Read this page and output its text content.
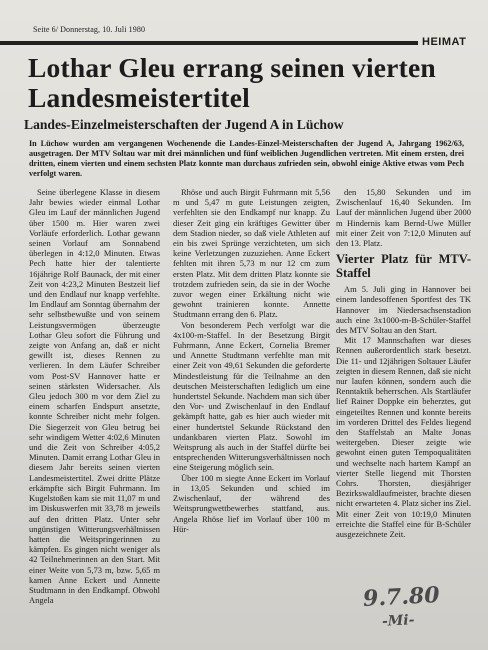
Seite 6/ Donnerstag, 10. Juli 1980
HEIMAT
Lothar Gleu errang seinen vierten Landesmeistertitel
Landes-Einzelmeisterschaften der Jugend A in Lüchow

In Lüchow wurden am vergangenen Wochenende die Landes-Einzel-Meisterschaften der Jugend A, Jahrgang 1962/63, ausgetragen. Der MTV Soltau war mit drei männlichen und fünf weiblichen Jugendlichen vertreten. Mit einem ersten, drei dritten, einem vierten und einem sechsten Platz konnte man durchaus zufrieden sein, obwohl einige Aktive etwas vom Pech verfolgt waren.

Seine überlegene Klasse in diesem Jahr bewies wieder einmal Lothar Gleu im Lauf der männlichen Jugend über 1500 m. Hier waren zwei Vorläufe erforderlich. Lothar gewann seinen Vorlauf am Sonnabend überlegen in 4:12,0 Minuten. Etwas Pech hatte hier der talentierte 16jährige Rolf Baunack, der mit einer Zeit von 4:23,2 Minuten Bestzeit lief und den Endlauf nur knapp verfehlte. Im Endlauf am Sonntag übernahm der sehr selbstbewußte und von seinem Leistungsvermögen überzeugte Lothar Gleu sofort die Führung und zeigte von Anfang an, daß er nicht gewillt ist, dieses Rennen zu verlieren. In dem Läufer Schreiber vom Post-SV Hannover hatte er seinen stärksten Widersacher. Als Gleu jedoch 300 m vor dem Ziel zu einem scharfen Endspurt ansetzte, konnte Schreiber nicht mehr folgen. Die Siegerzeit von Gleu betrug bei sehr windigem Wetter 4:02,6 Minuten und die Zeit von Schreiber 4:05,2 Minuten. Damit errang Lothar Gleu in diesem Jahr bereits seinen vierten Landesmeistertitel. Zwei dritte Plätze erkämpfte sich Birgit Fuhrmann. Im Kugelstoßen kam sie mit 11,07 m und im Diskuswerfen mit 33,78 m jeweils auf den dritten Platz. Unter sehr ungünstigen Witterungsverhältnissen hatten die Weitspringerinnen zu kämpfen. Es gingen nicht weniger als 42 Teilnehmerinnen an den Start. Mit einer Weite von 5,73 m, bzw. 5,65 m kamen Anne Eckert und Annette Studtmann in den Endkampf. Obwohl Angela

Rhöse und auch Birgit Fuhrmann mit 5,56 m und 5,47 m gute Leistungen zeigten, verfehlten sie den Endkampf nur knapp. Zu dieser Zeit ging ein kräftiges Gewitter über dem Stadion nieder, so daß viele Athleten auf ein bis zwei Sprünge verzichteten, um sich keine Verletzungen zuzuziehen. Anne Eckert fehlten mit ihren 5,73 m nur 12 cm zum ersten Platz. Mit dem dritten Platz konnte sie trotzdem zufrieden sein, da sie in der Woche zuvor wegen einer Erkältung nicht wie gewohnt trainieren konnte. Annette Studtmann errang den 6. Platz.

Von besonderem Pech verfolgt war die 4x100-m-Staffel. In der Besetzung Birgit Fuhrmann, Anne Eckert, Cornelia Bremer und Annette Studtmann verfehlte man mit einer Zeit von 49,61 Sekunden die geforderte Mindestleistung für die Teilnahme an den deutschen Meisterschaften lediglich um eine hundertstel Sekunde. Nachdem man sich über den Vor- und Zwischenlauf in den Endlauf gekämpft hatte, gab es hier auch wieder mit einer hundertstel Sekunde Rückstand den undankbaren vierten Platz. Sowohl im Weitsprung als auch in der Staffel dürfte bei entsprechenden Witterungsverhältnissen noch eine Steigerung möglich sein.

Über 100 m siegte Anne Eckert im Vorlauf in 13,05 Sekunden und schied im Zwischenlauf, der während des Weitsprungwettbewerbes stattfand, aus. Angela Rhöse lief im Vorlauf über 100 m Hür-

den 15,80 Sekunden und im Zwischenlauf 16,40 Sekunden. Im Lauf der männlichen Jugend über 2000 m Hindernis kam Bernd-Uwe Müller mit einer Zeit von 7:12,0 Minuten auf den 13. Platz.

Vierter Platz für MTV-Staffel

Am 5. Juli ging in Hannover bei einem landesoffenen Sportfest des TK Hannover im Niedersachsenstadion auch eine 3x1000-m-B-Schüler-Staffel des MTV Soltau an den Start.

Mit 17 Mannschaften war dieses Rennen außerordentlich stark besetzt. Die 11- und 12jährigen Soltauer Läufer zeigten in diesem Rennen, daß sie nicht nur laufen können, sondern auch die Renntaktik beherrschen. Als Startläufer lief Rainer Doppke ein beherztes, gut eingeteiltes Rennen und konnte bereits im vorderen Drittel des Feldes liegend den Staffelstab an Malte Jonas weitergeben. Dieser zeigte wie gewohnt einen guten Tempoqualitäten und wechselte nach hartem Kampf an vierter Stelle liegend mit Thorsten Cohrs. Thorsten, diesjähriger Bezirkswaldlaufmeister, brachte diesen nicht erwarteten 4. Platz sicher ins Ziel. Mit einer Zeit von 10:19,0 Minuten erreichte die Staffel eine für B-Schüler ausgezeichnete Zeit.

9.7.80
-Mi-
